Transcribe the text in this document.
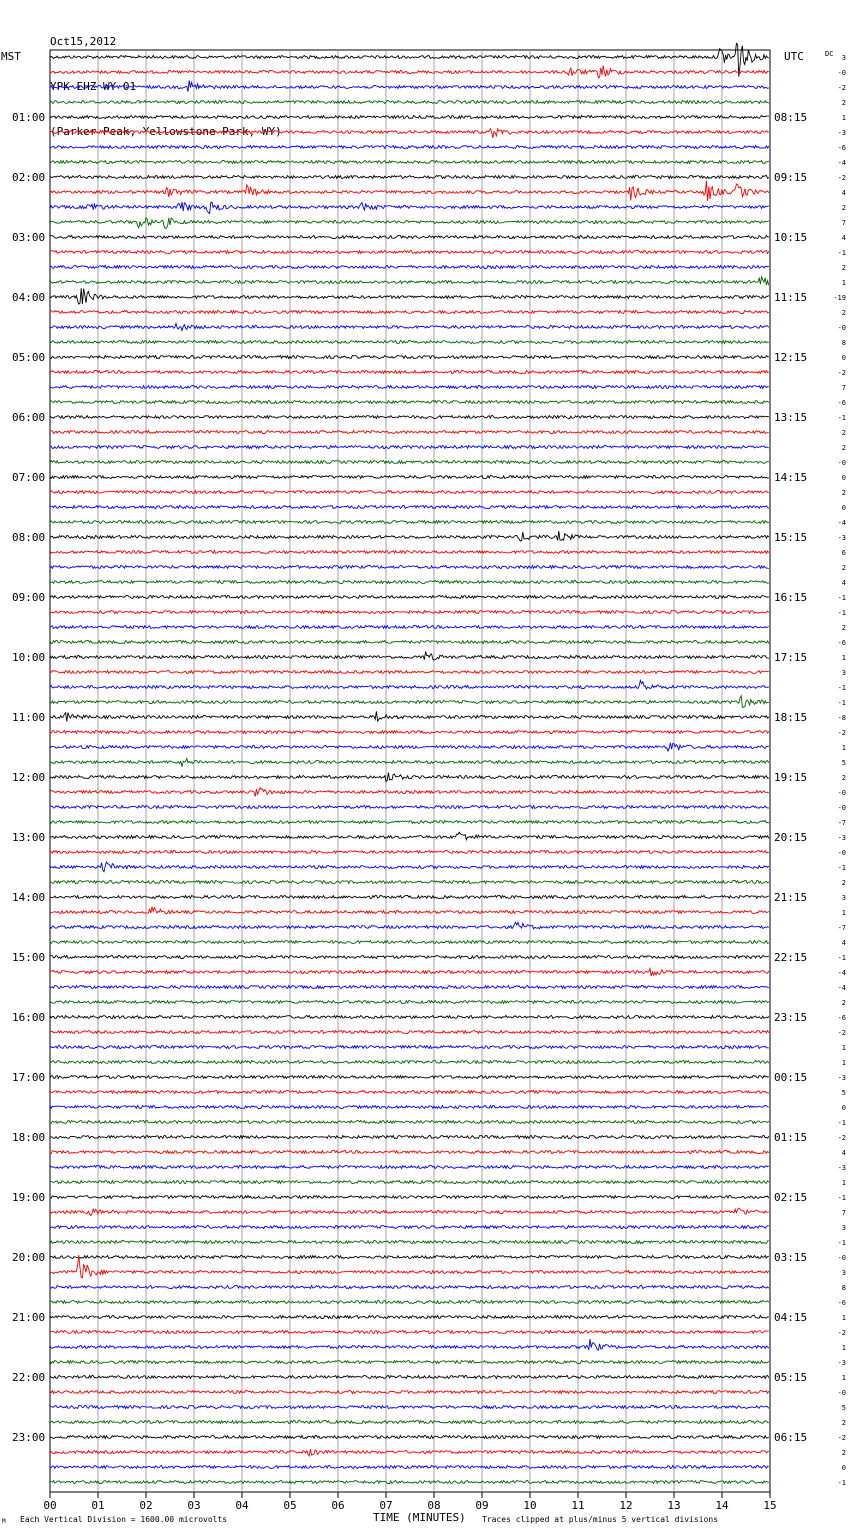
Oct15,2012

YPK EHZ WY 01

(Parker Peak, Yellowstone Park, WY)

00	01	02	03	04	05	06	07	08	09	10	11	12	13	14	15
MST	UTC	DC
01:00
02:00
03:00
04:00
05:00
06:00
07:00
08:00
09:00
10:00
11:00
12:00
13:00
14:00
15:00
16:00
17:00
18:00
19:00
20:00
21:00
22:00
23:00
08:15
09:15
10:15
11:15
12:15
13:15
14:15
15:15
16:15
17:15
18:15
19:15
20:15
21:15
22:15
23:15
00:15
01:15
02:15
03:15
04:15
05:15
06:15
3
-0
-2
2
1
-3
-6
-4
-2
4
2
7
4
-1
2
1
-19
2
-0
8
0
-2
7
-6
-1
2
2
-0
0
2
0
-4
-3
6
2
4
-1
-1
2
-6
1
3
-1
-1
-8
-2
1
5
2
-0
-0
-7
-3
-0
-1
2
3
1
-7
4
-1
-4
-4
2
-6
-2
1
1
-3
5
0
-1
-2
4
-3
1
-1
7
3
-1
-0
3
8
-6
1
-2
1
-3
1
-0
5
2
-2
2
0
-1
M Each Vertical Division = 1600.00 microvolts	TIME (MINUTES) Traces clipped at plus/minus 5 vertical divisions
